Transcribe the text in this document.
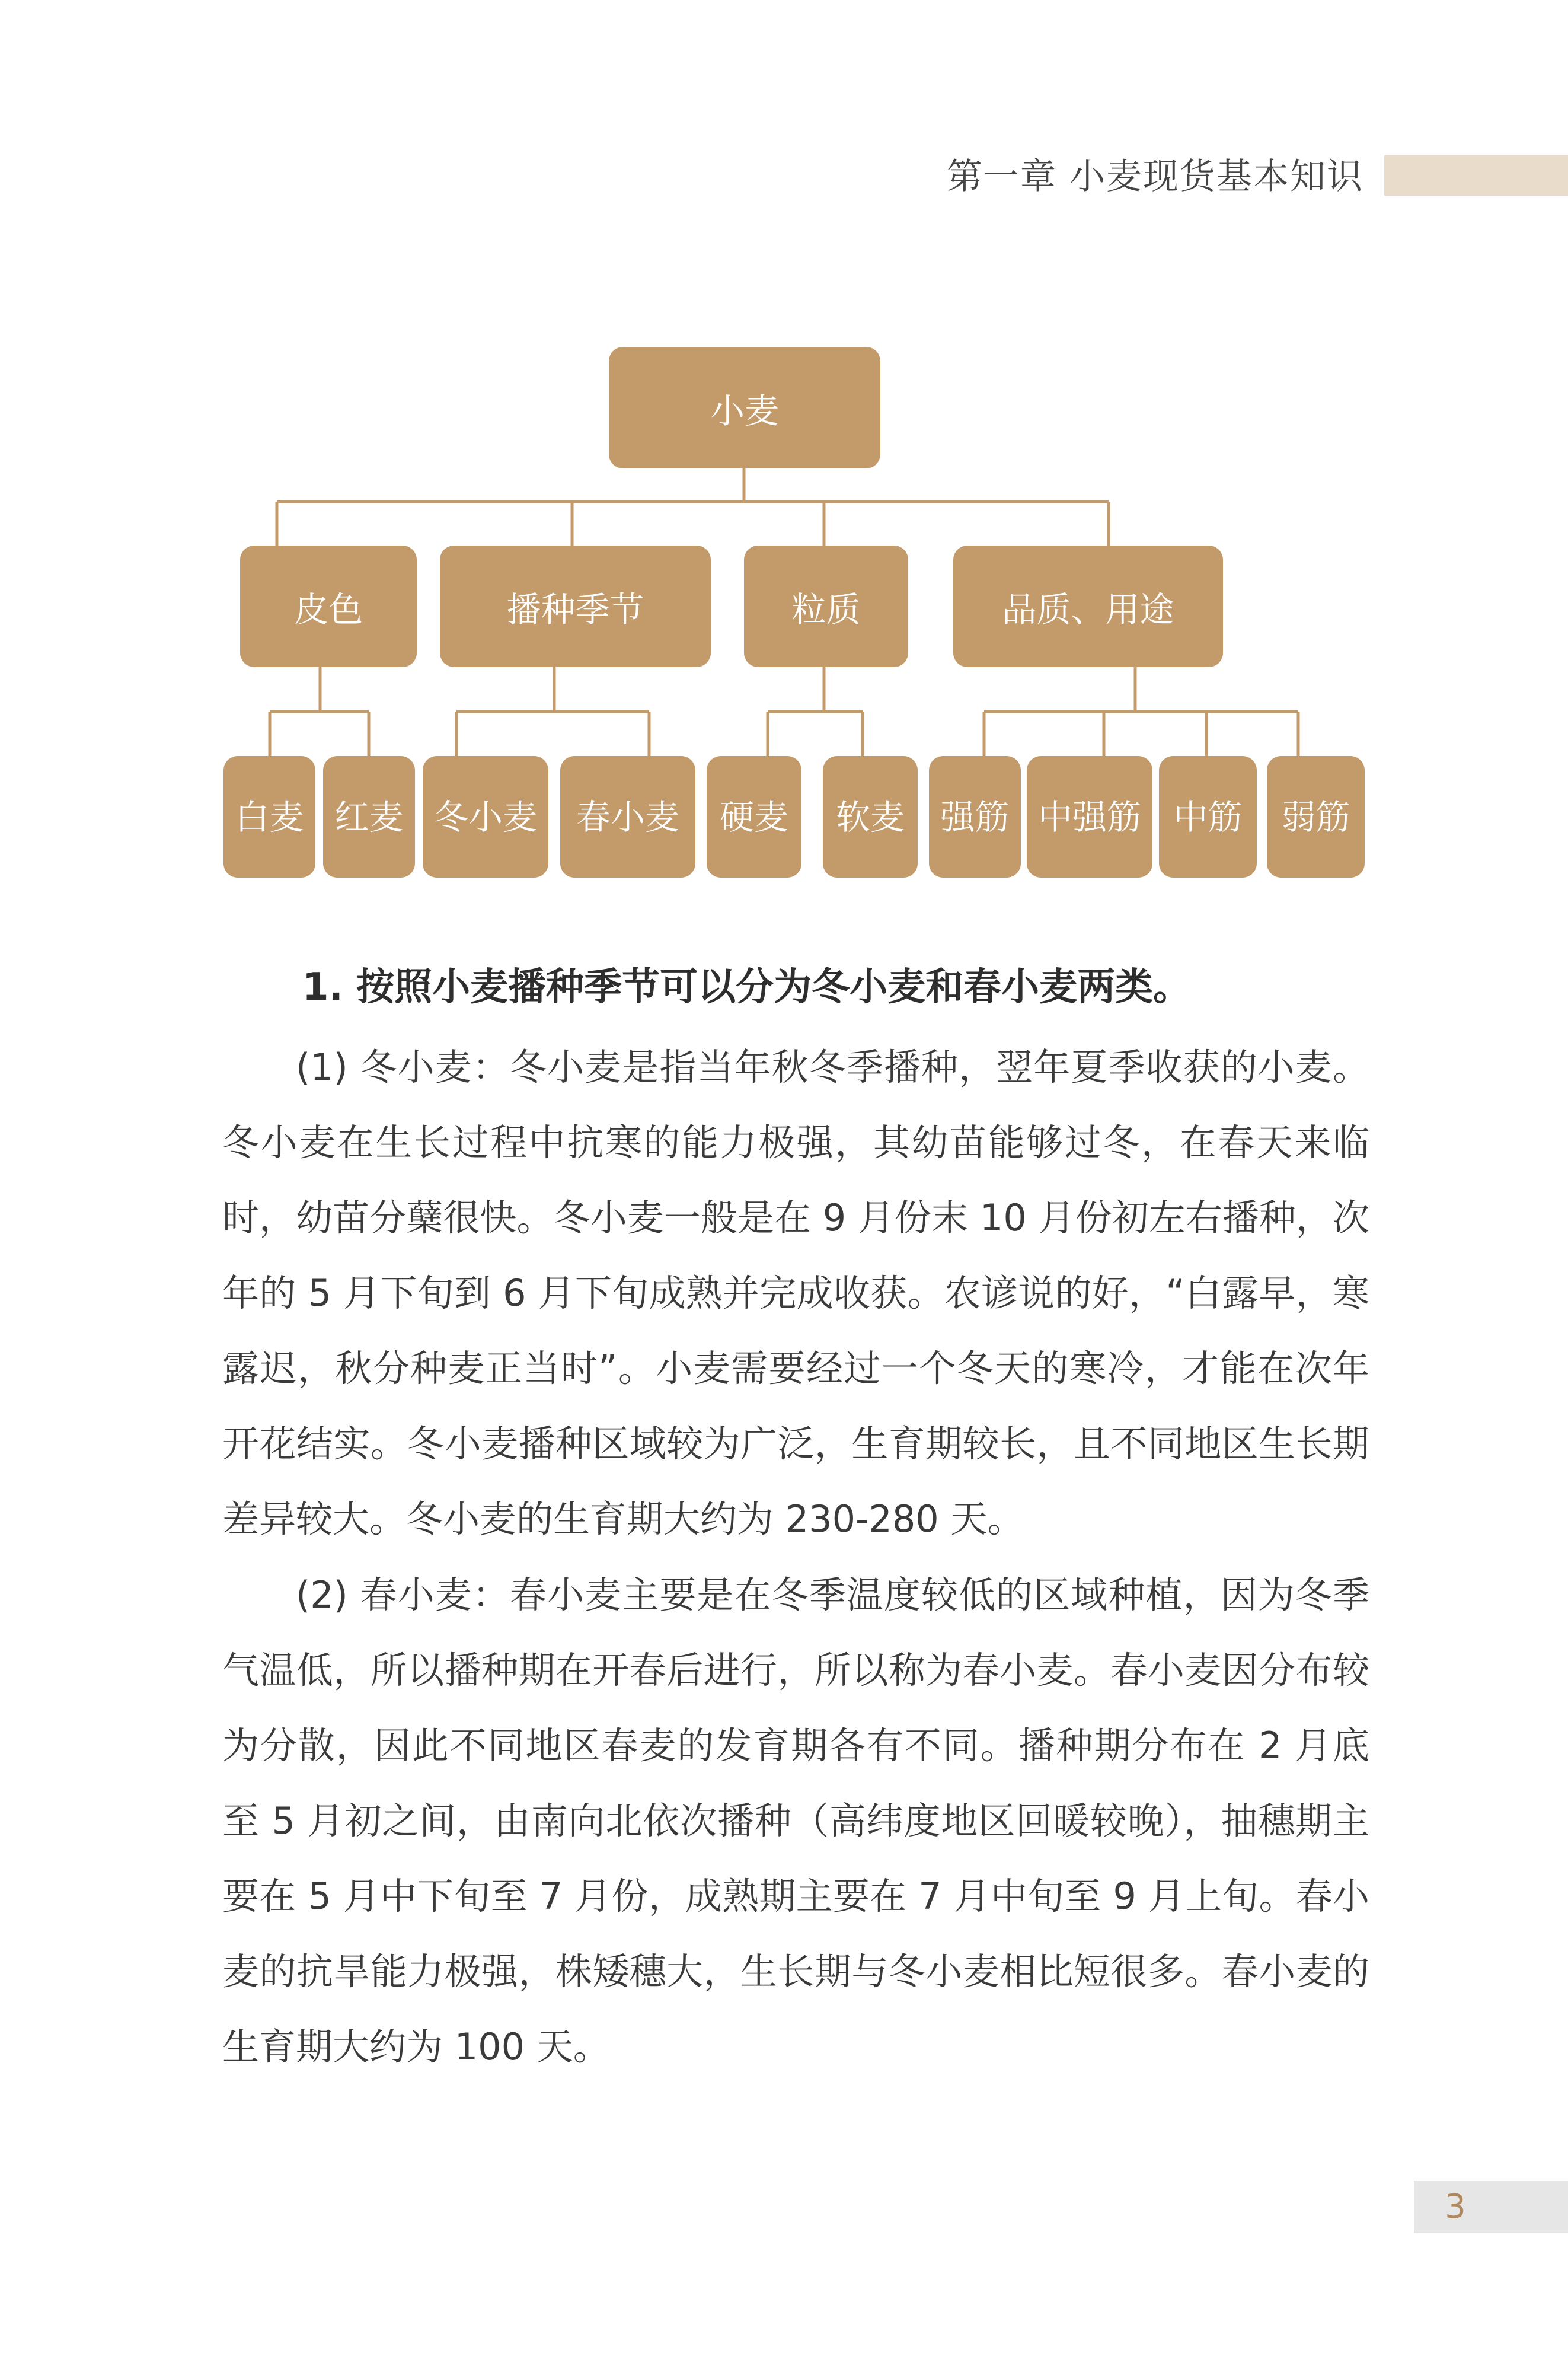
第一章 小麦现货基本知识
小麦
皮色	播种季节	粒质	品质、用途
白麦 红麦 冬小麦	春小麦	硬麦	软麦	强筋 中强筋 中筋	弱筋
1. 按照小麦播种季节可以分为冬小麦和春小麦两类。

(1) 冬小麦：冬小麦是指当年秋冬季播种，翌年夏季收获的小麦。冬小麦在生长过程中抗寒的能力极强，其幼苗能够过冬，在春天来临时，幼苗分蘖很快。冬小麦一般是在 9 月份末 10 月份初左右播种，次年的 5 月下旬到 6 月下旬成熟并完成收获。农谚说的好，“白露早，寒露迟，秋分种麦正当时”。小麦需要经过一个冬天的寒冷，才能在次年开花结实。冬小麦播种区域较为广泛，生育期较长，且不同地区生长期差异较大。冬小麦的生育期大约为 230-280 天。

(2) 春小麦：春小麦主要是在冬季温度较低的区域种植，因为冬季气温低，所以播种期在开春后进行，所以称为春小麦。春小麦因分布较为分散，因此不同地区春麦的发育期各有不同。播种期分布在 2 月底至 5 月初之间，由南向北依次播种（高纬度地区回暖较晚），抽穗期主要在 5 月中下旬至 7 月份，成熟期主要在 7 月中旬至 9 月上旬。春小麦的抗旱能力极强，株矮穗大，生长期与冬小麦相比短很多。春小麦的生育期大约为 100 天。

3
